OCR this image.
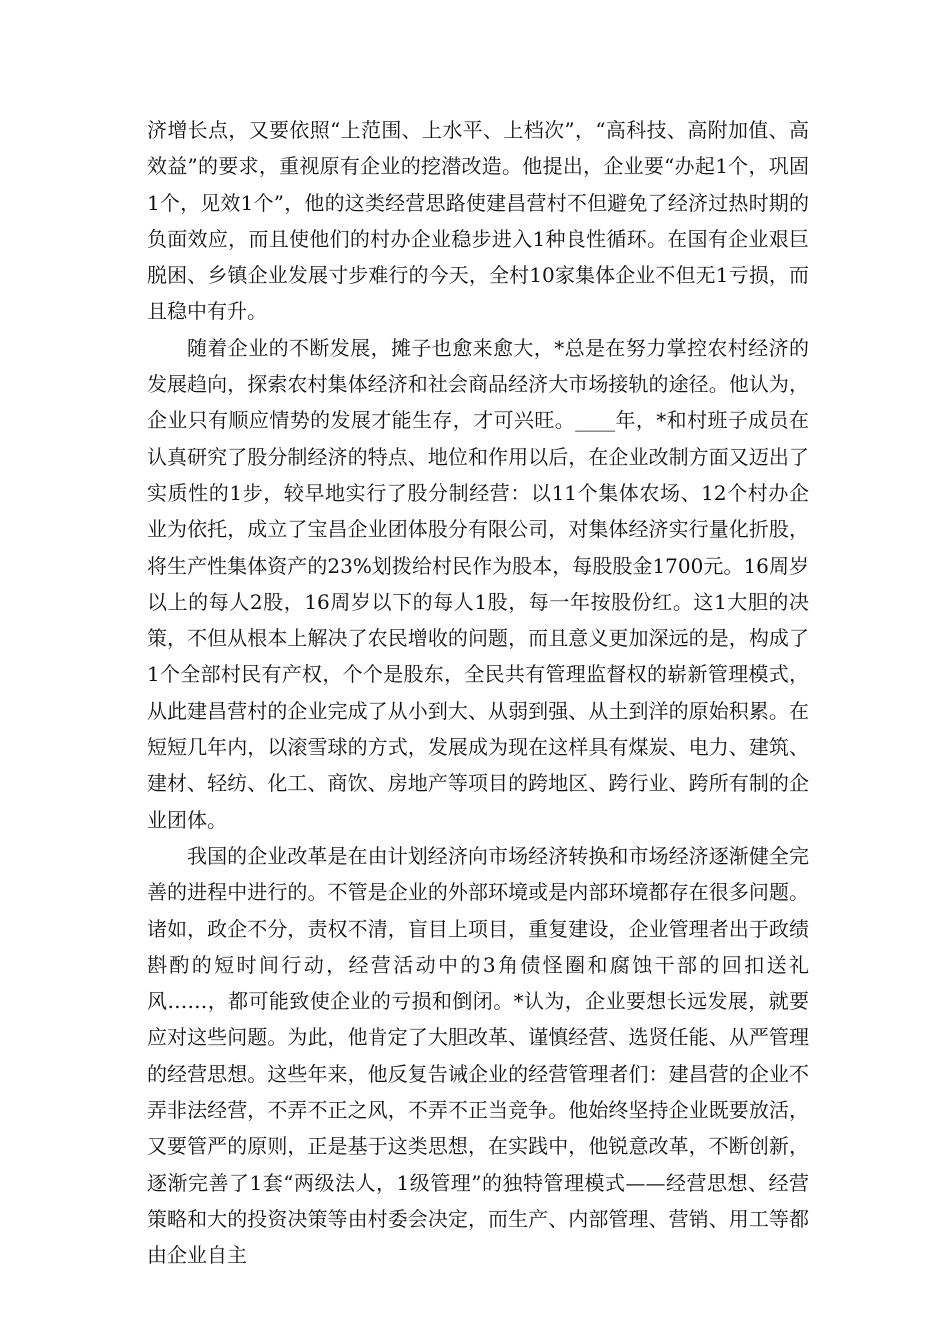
济增长点，又要依照“上范围、上水平、上档次”，“高科技、高附加值、高效益”的要求，重视原有企业的挖潜改造。他提出，企业要“办起1个，巩固1个，见效1个”，他的这类经营思路使建昌营村不但避免了经济过热时期的负面效应，而且使他们的村办企业稳步进入1种良性循环。在国有企业艰巨脱困、乡镇企业发展寸步难行的今天，全村10家集体企业不但无1亏损，而且稳中有升。

随着企业的不断发展，摊子也愈来愈大，*总是在努力掌控农村经济的发展趋向，探索农村集体经济和社会商品经济大市场接轨的途径。他认为，企业只有顺应情势的发展才能生存，才可兴旺。____年，*和村班子成员在认真研究了股分制经济的特点、地位和作用以后，在企业改制方面又迈出了实质性的1步，较早地实行了股分制经营：以11个集体农场、12个村办企业为依托，成立了宝昌企业团体股分有限公司，对集体经济实行量化折股，将生产性集体资产的23%划拨给村民作为股本，每股股金1700元。16周岁以上的每人2股，16周岁以下的每人1股，每一年按股份红。这1大胆的决策，不但从根本上解决了农民增收的问题，而且意义更加深远的是，构成了1个全部村民有产权，个个是股东，全民共有管理监督权的崭新管理模式，从此建昌营村的企业完成了从小到大、从弱到强、从土到洋的原始积累。在短短几年内，以滚雪球的方式，发展成为现在这样具有煤炭、电力、建筑、建材、轻纺、化工、商饮、房地产等项目的跨地区、跨行业、跨所有制的企业团体。

我国的企业改革是在由计划经济向市场经济转换和市场经济逐渐健全完善的进程中进行的。不管是企业的外部环境或是内部环境都存在很多问题。诸如，政企不分，责权不清，盲目上项目，重复建设，企业管理者出于政绩斟酌的短时间行动，经营活动中的3角债怪圈和腐蚀干部的回扣送礼风……，都可能致使企业的亏损和倒闭。*认为，企业要想长远发展，就要应对这些问题。为此，他肯定了大胆改革、谨慎经营、选贤任能、从严管理的经营思想。这些年来，他反复告诫企业的经营管理者们：建昌营的企业不弄非法经营，不弄不正之风，不弄不正当竞争。他始终坚持企业既要放活，又要管严的原则，正是基于这类思想，在实践中，他锐意改革，不断创新，逐渐完善了1套“两级法人，1级管理”的独特管理模式——经营思想、经营策略和大的投资决策等由村委会决定，而生产、内部管理、营销、用工等都由企业自主
